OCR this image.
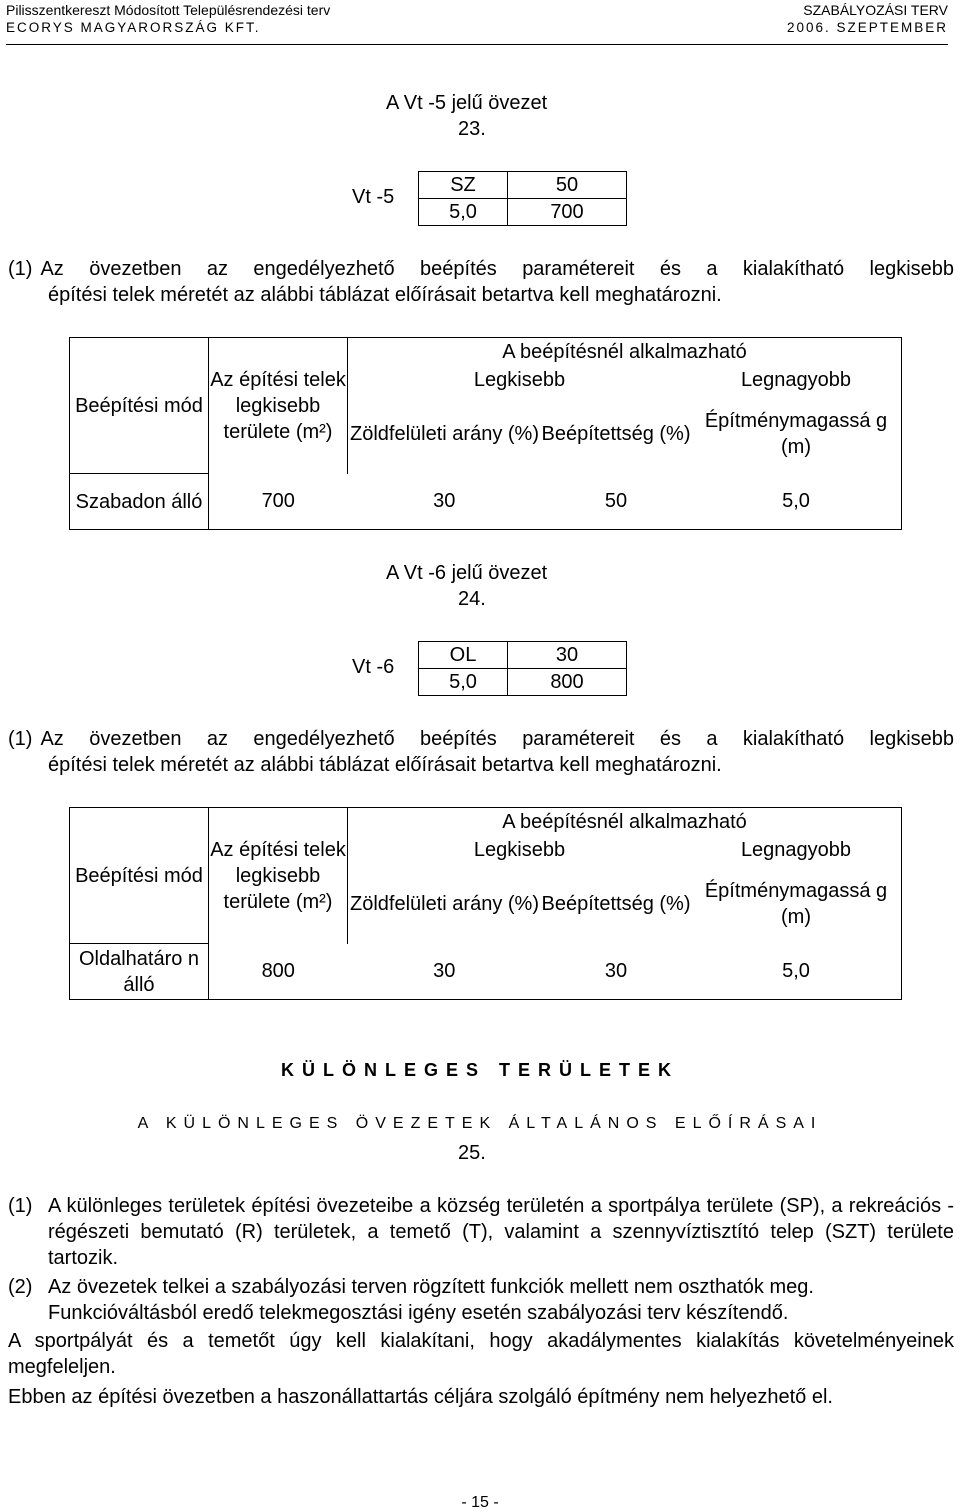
Pilisszentkereszt Módosított Településrendezési terv
ECORYS MAGYARORSZÁG KFT.
SZABÁLYOZÁSI TERV
2006. SZEPTEMBER
A Vt -5 jelű övezet
23.
Vt -5
SZ	50
5,0	700
(1) Az övezetben az engedélyezhető beépítés paramétereit és a kialakítható legkisebb
építési telek méretét az alábbi táblázat előírásait betartva kell meghatározni.
Beépítési mód	Az építési telek legkisebb területe (m²)	A beépítésnél alkalmazható		
		Legkisebb		Legnagyobb
		Zöldfelületi arány (%)	Beépítettség (%)	Építménymagassá g (m)
Szabadon álló	700	30	50	5,0
A Vt -6 jelű övezet
24.
Vt -6
OL	30
5,0	800
(1) Az övezetben az engedélyezhető beépítés paramétereit és a kialakítható legkisebb
építési telek méretét az alábbi táblázat előírásait betartva kell meghatározni.
Beépítési mód	Az építési telek legkisebb területe (m²)	A beépítésnél alkalmazható		
		Legkisebb		Legnagyobb
		Zöldfelületi arány (%)	Beépítettség (%)	Építménymagassá g (m)
Oldalhatáro n álló	800	30	30	5,0
KÜLÖNLEGES TERÜLETEK
A KÜLÖNLEGES ÖVEZETEK ÁLTALÁNOS ELŐÍRÁSAI
25.
(1) A különleges területek építési övezeteibe a község területén a sportpálya területe (SP), a rekreációs - régészeti bemutató (R) területek, a temető (T), valamint a szennyvíztisztító telep (SZT) területe tartozik.
(2) Az övezetek telkei a szabályozási terven rögzített funkciók mellett nem oszthatók meg. Funkcióváltásból eredő telekmegosztási igény esetén szabályozási terv készítendő.
A sportpályát és a temetőt úgy kell kialakítani, hogy akadálymentes kialakítás követelményeinek megfeleljen.
Ebben az építési övezetben a haszonállattartás céljára szolgáló építmény nem helyezhető el.
- 15 -
